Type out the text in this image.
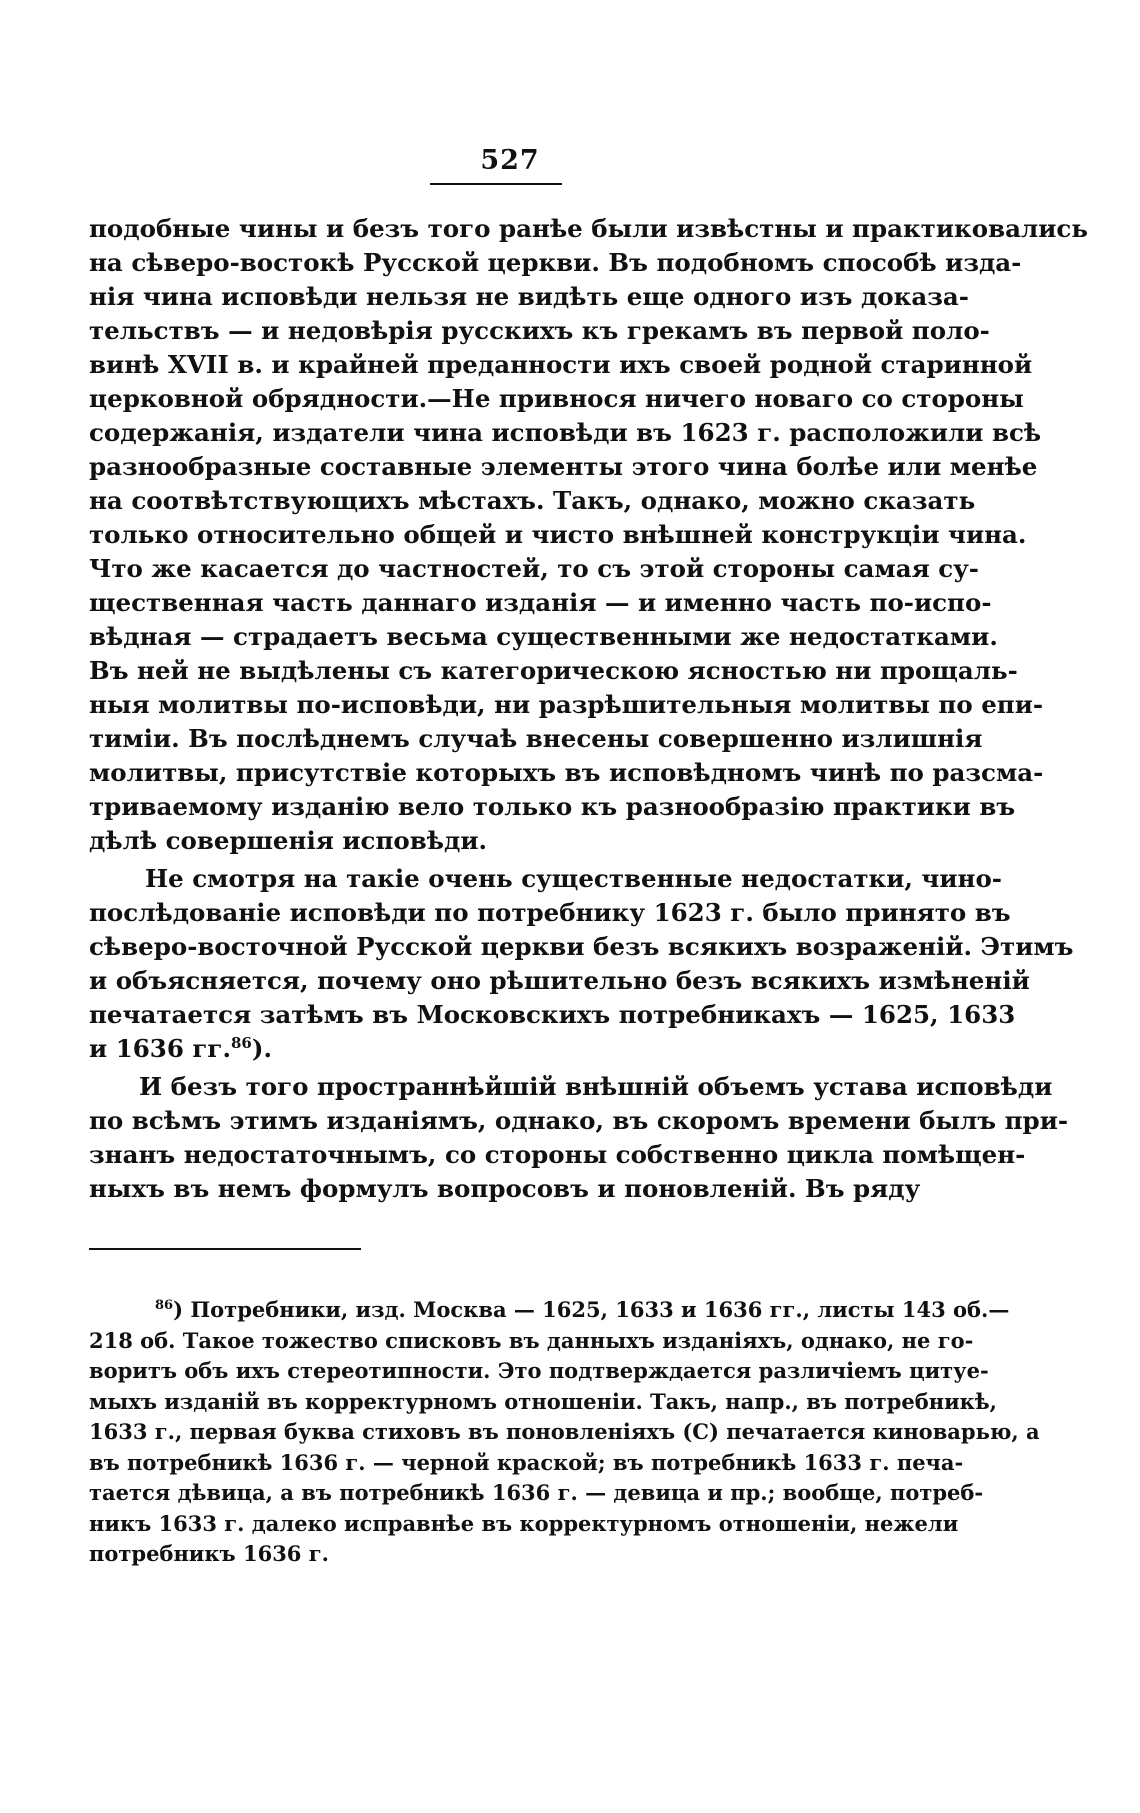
527
подобные чины и безъ того ранѣе были извѣстны и практиковались
на сѣверо-востокѣ Русской церкви. Въ подобномъ способѣ изда-
нія чина исповѣди нельзя не видѣть еще одного изъ доказа-
тельствъ — и недовѣрія русскихъ къ грекамъ въ первой поло-
винѣ XVII в. и крайней преданности ихъ своей родной старинной
церковной обрядности.—Не привнося ничего новаго со стороны
содержанія, издатели чина исповѣди въ 1623 г. расположили всѣ
разнообразные составные элементы этого чина болѣе или менѣе
на соотвѣтствующихъ мѣстахъ. Такъ, однако, можно сказать
только относительно общей и чисто внѣшней конструкціи чина.
Что же касается до частностей, то съ этой стороны самая су-
щественная часть даннаго изданія — и именно часть по-испо-
вѣдная — страдаетъ весьма существенными же недостатками.
Въ ней не выдѣлены съ категорическою ясностью ни прощаль-
ныя молитвы по-исповѣди, ни разрѣшительныя молитвы по епи-
тиміи. Въ послѣднемъ случаѣ внесены совершенно излишнія
молитвы, присутствіе которыхъ въ исповѣдномъ чинѣ по разсма-
триваемому изданію вело только къ разнообразію практики въ
дѣлѣ совершенія исповѣди.
Не смотря на такіе очень существенные недостатки, чино-
послѣдованіе исповѣди по потребнику 1623 г. было принято въ
сѣверо-восточной Русской церкви безъ всякихъ возраженій. Этимъ
и объясняется, почему оно рѣшительно безъ всякихъ измѣненій
печатается затѣмъ въ Московскихъ потребникахъ — 1625, 1633
и 1636 гг.$^{86}$).
И безъ того пространнѣйшій внѣшній объемъ устава исповѣди
по всѣмъ этимъ изданіямъ, однако, въ скоромъ времени былъ при-
знанъ недостаточнымъ, со стороны собственно цикла помѣщен-
ныхъ въ немъ формулъ вопросовъ и поновленій. Въ ряду
$^{86}$) Потребники, изд. Москва — 1625, 1633 и 1636 гг., листы 143 об.—
218 об. Такое тожество списковъ въ данныхъ изданіяхъ, однако, не го-
воритъ объ ихъ стереотипности. Это подтверждается различіемъ цитуе-
мыхъ изданій въ корректурномъ отношеніи. Такъ, напр., въ потребникѣ,
1633 г., первая буква стиховъ въ поновленіяхъ (С) печатается киноварью, а
въ потребникѣ 1636 г. — черной краской; въ потребникѣ 1633 г. печа-
тается дѣвица, а въ потребникѣ 1636 г. — девица и пр.; вообще, потреб-
никъ 1633 г. далеко исправнѣе въ корректурномъ отношеніи, нежели
потребникъ 1636 г.
